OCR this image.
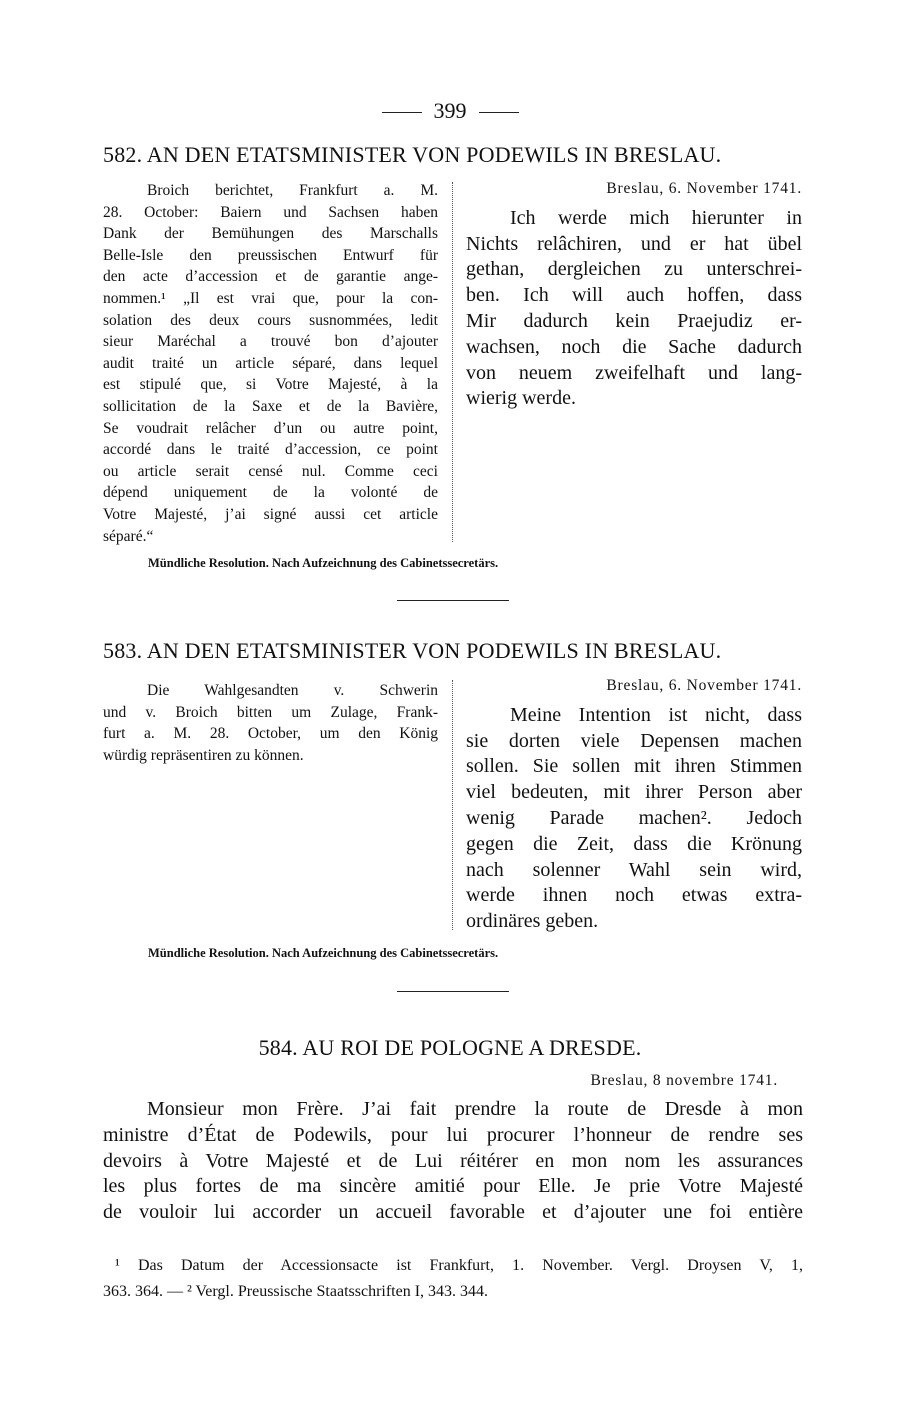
399
582. AN DEN ETATSMINISTER VON PODEWILS IN BRESLAU.
Broich berichtet, Frankfurt a. M.
28. October: Baiern und Sachsen haben
Dank der Bemühungen des Marschalls
Belle-Isle den preussischen Entwurf für
den acte d’accession et de garantie ange-
nommen.¹ „Il est vrai que, pour la con-
solation des deux cours susnommées, ledit
sieur Maréchal a trouvé bon d’ajouter
audit traité un article séparé, dans lequel
est stipulé que, si Votre Majesté, à la
sollicitation de la Saxe et de la Bavière,
Se voudrait relâcher d’un ou autre point,
accordé dans le traité d’accession, ce point
ou article serait censé nul. Comme ceci
dépend uniquement de la volonté de
Votre Majesté, j’ai signé aussi cet article
séparé.“
Breslau, 6. November 1741.
Ich werde mich hierunter in
Nichts relâchiren, und er hat übel
gethan, dergleichen zu unterschrei-
ben. Ich will auch hoffen, dass
Mir dadurch kein Praejudiz er-
wachsen, noch die Sache dadurch
von neuem zweifelhaft und lang-
wierig werde.
Mündliche Resolution. Nach Aufzeichnung des Cabinetssecretärs.
583. AN DEN ETATSMINISTER VON PODEWILS IN BRESLAU.
Die Wahlgesandten v. Schwerin
und v. Broich bitten um Zulage, Frank-
furt a. M. 28. October, um den König
würdig repräsentiren zu können.
Breslau, 6. November 1741.
Meine Intention ist nicht, dass
sie dorten viele Depensen machen
sollen. Sie sollen mit ihren Stimmen
viel bedeuten, mit ihrer Person aber
wenig Parade machen². Jedoch
gegen die Zeit, dass die Krönung
nach solenner Wahl sein wird,
werde ihnen noch etwas extra-
ordinäres geben.
Mündliche Resolution. Nach Aufzeichnung des Cabinetssecretärs.
584. AU ROI DE POLOGNE A DRESDE.
Breslau, 8 novembre 1741.
Monsieur mon Frère. J’ai fait prendre la route de Dresde à mon
ministre d’État de Podewils, pour lui procurer l’honneur de rendre ses
devoirs à Votre Majesté et de Lui réitérer en mon nom les assurances
les plus fortes de ma sincère amitié pour Elle. Je prie Votre Majesté
de vouloir lui accorder un accueil favorable et d’ajouter une foi entière
¹ Das Datum der Accessionsacte ist Frankfurt, 1. November. Vergl. Droysen V, 1,
363. 364. — ² Vergl. Preussische Staatsschriften I, 343. 344.
